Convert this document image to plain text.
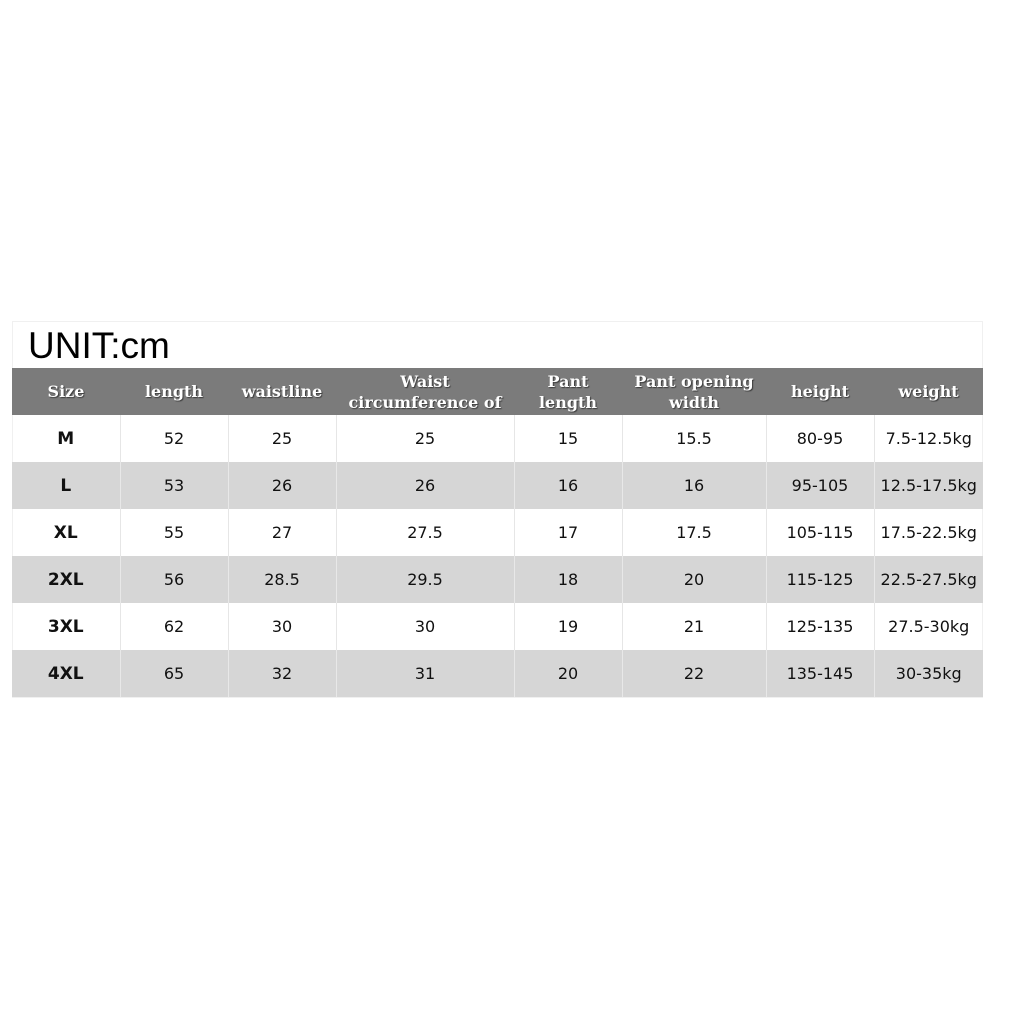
UNIT:cm
Size	length	waistline	Waist circumference of	Pant length	Pant opening width	height	weight
M	52	25	25	15	15.5	80-95	7.5-12.5kg
L	53	26	26	16	16	95-105	12.5-17.5kg
XL	55	27	27.5	17	17.5	105-115	17.5-22.5kg
2XL	56	28.5	29.5	18	20	115-125	22.5-27.5kg
3XL	62	30	30	19	21	125-135	27.5-30kg
4XL	65	32	31	20	22	135-145	30-35kg
